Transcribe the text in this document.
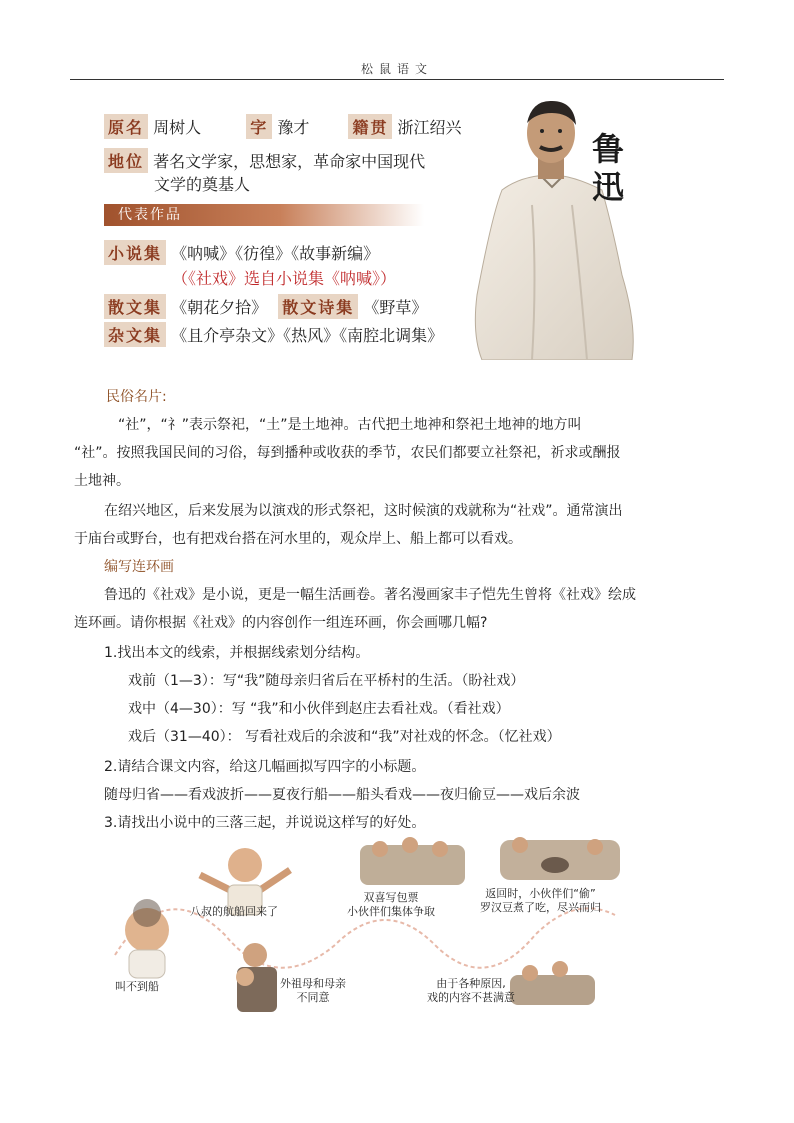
松鼠语文
原名 周树人	字 豫才	籍贯 浙江绍兴
地位 著名文学家，思想家，革命家中国现代
文学的奠基人
代表作品
小说集 《呐喊》《彷徨》《故事新编》
（《社戏》选自小说集《呐喊》）
散文集 《朝花夕拾》 散文诗集 《野草》
杂文集 《且介亭杂文》《热风》《南腔北调集》
鲁
迅
民俗名片:
“社”，“礻”表示祭祀，“土”是土地神。古代把土地神和祭祀土地神的地方叫
“社”。按照我国民间的习俗，每到播种或收获的季节，农民们都要立社祭祀，祈求或酬报
土地神。
在绍兴地区，后来发展为以演戏的形式祭祀，这时候演的戏就称为“社戏”。通常演出
于庙台或野台，也有把戏台搭在河水里的，观众岸上、船上都可以看戏。
编写连环画
鲁迅的《社戏》是小说，更是一幅生活画卷。著名漫画家丰子恺先生曾将《社戏》绘成
连环画。请你根据《社戏》的内容创作一组连环画，你会画哪几幅?
1.找出本文的线索，并根据线索划分结构。
戏前（1—3）：写“我”随母亲归省后在平桥村的生活。（盼社戏）
戏中（4—30）：写 “我”和小伙伴到赵庄去看社戏。（看社戏）
戏后（31—40）： 写看社戏后的余波和“我”对社戏的怀念。（忆社戏）
2.请结合课文内容，给这几幅画拟写四字的小标题。
随母归省——看戏波折——夏夜行船——船头看戏——夜归偷豆——戏后余波
3.请找出小说中的三落三起，并说说这样写的好处。
叫不到船
八叔的航船回来了
外祖母和母亲
不同意
双喜写包票
小伙伴们集体争取
由于各种原因,
戏的内容不甚满意
返回时，小伙伴们“偷”
罗汉豆煮了吃，尽兴而归
